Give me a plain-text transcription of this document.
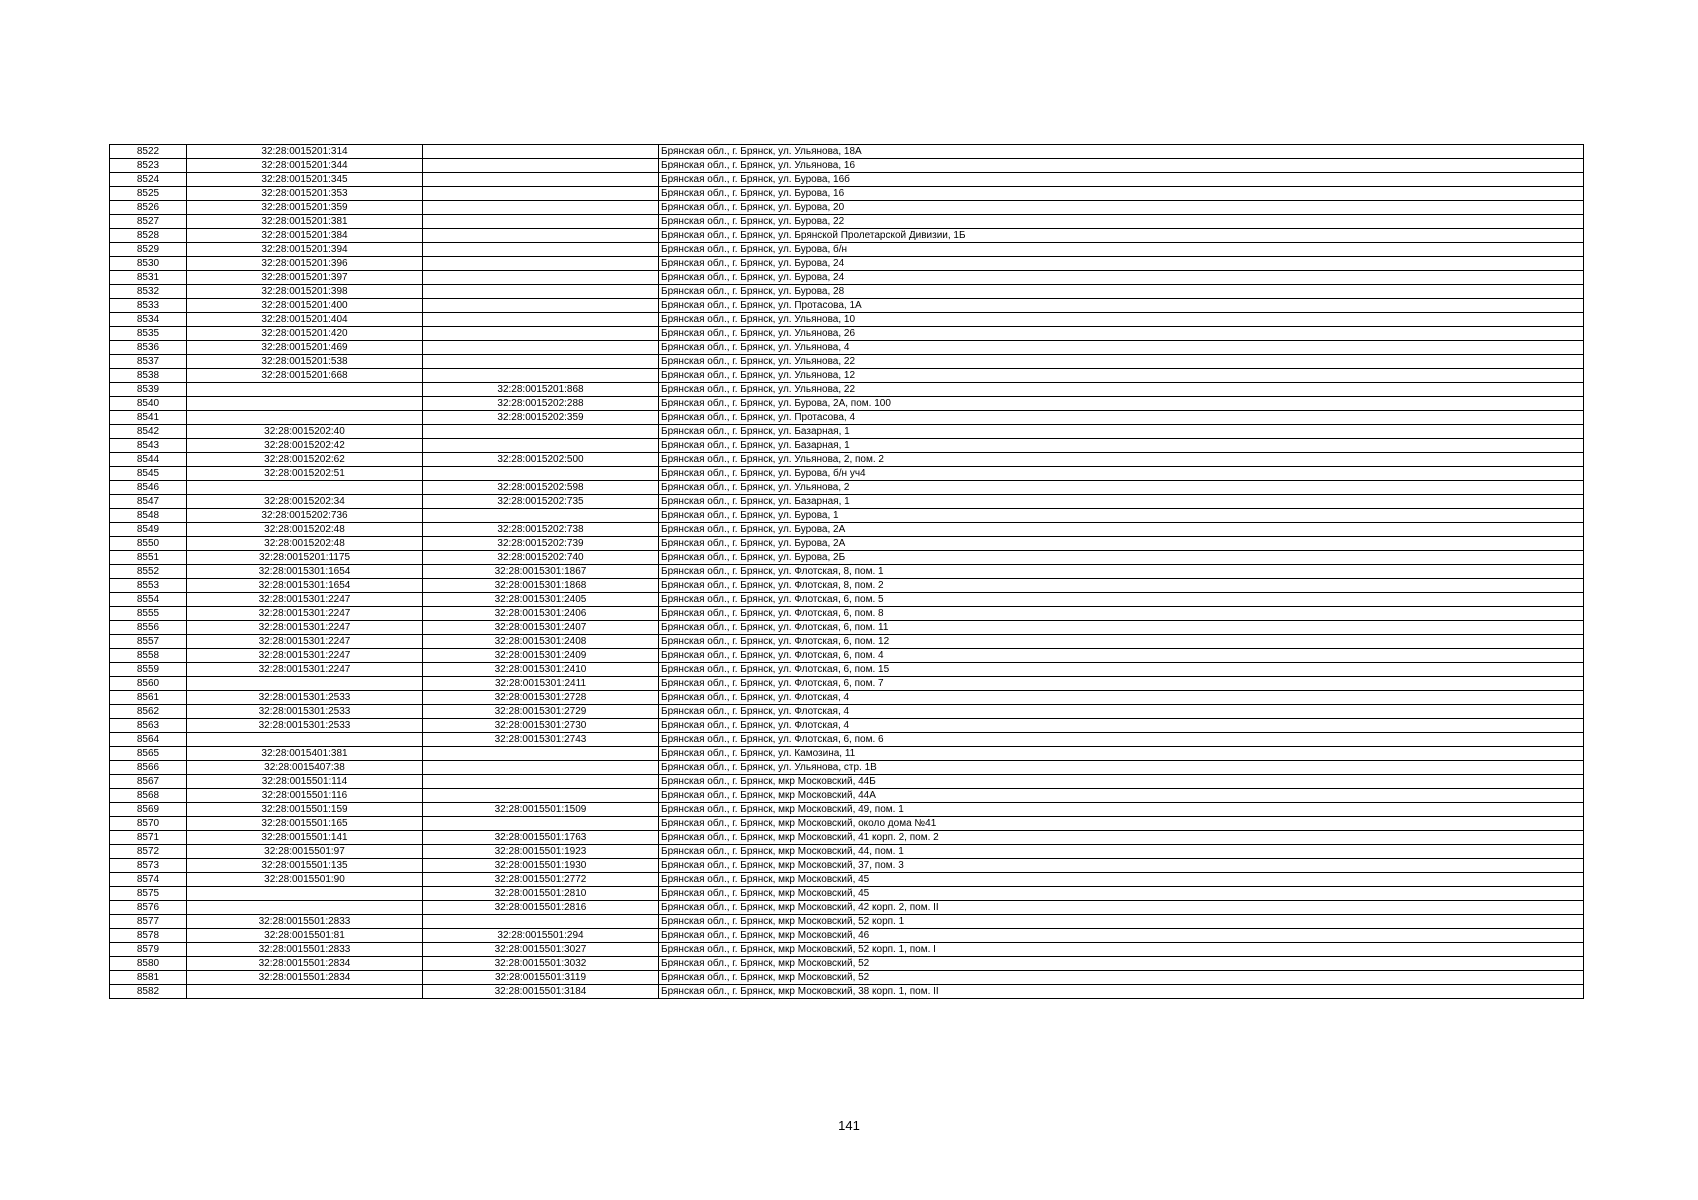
8522	32:28:0015201:314		Брянская обл., г. Брянск, ул. Ульянова, 18А
8523	32:28:0015201:344		Брянская обл., г. Брянск, ул. Ульянова, 16
8524	32:28:0015201:345		Брянская обл., г. Брянск, ул. Бурова, 16б
8525	32:28:0015201:353		Брянская обл., г. Брянск, ул. Бурова, 16
8526	32:28:0015201:359		Брянская обл., г. Брянск, ул. Бурова, 20
8527	32:28:0015201:381		Брянская обл., г. Брянск, ул. Бурова, 22
8528	32:28:0015201:384		Брянская обл., г. Брянск, ул. Брянской Пролетарской Дивизии, 1Б
8529	32:28:0015201:394		Брянская обл., г. Брянск, ул. Бурова, б/н
8530	32:28:0015201:396		Брянская обл., г. Брянск, ул. Бурова, 24
8531	32:28:0015201:397		Брянская обл., г. Брянск, ул. Бурова, 24
8532	32:28:0015201:398		Брянская обл., г. Брянск, ул. Бурова, 28
8533	32:28:0015201:400		Брянская обл., г. Брянск, ул. Протасова, 1А
8534	32:28:0015201:404		Брянская обл., г. Брянск, ул. Ульянова, 10
8535	32:28:0015201:420		Брянская обл., г. Брянск, ул. Ульянова, 26
8536	32:28:0015201:469		Брянская обл., г. Брянск, ул. Ульянова, 4
8537	32:28:0015201:538		Брянская обл., г. Брянск, ул. Ульянова, 22
8538	32:28:0015201:668		Брянская обл., г. Брянск, ул. Ульянова, 12
8539		32:28:0015201:868	Брянская обл., г. Брянск, ул. Ульянова, 22
8540		32:28:0015202:288	Брянская обл., г. Брянск, ул. Бурова, 2А, пом. 100
8541		32:28:0015202:359	Брянская обл., г. Брянск, ул. Протасова, 4
8542	32:28:0015202:40		Брянская обл., г. Брянск, ул. Базарная, 1
8543	32:28:0015202:42		Брянская обл., г. Брянск, ул. Базарная, 1
8544	32:28:0015202:62	32:28:0015202:500	Брянская обл., г. Брянск, ул. Ульянова, 2, пом. 2
8545	32:28:0015202:51		Брянская обл., г. Брянск, ул. Бурова, б/н уч4
8546		32:28:0015202:598	Брянская обл., г. Брянск, ул. Ульянова, 2
8547	32:28:0015202:34	32:28:0015202:735	Брянская обл., г. Брянск, ул. Базарная, 1
8548	32:28:0015202:736		Брянская обл., г. Брянск, ул. Бурова, 1
8549	32:28:0015202:48	32:28:0015202:738	Брянская обл., г. Брянск, ул. Бурова, 2А
8550	32:28:0015202:48	32:28:0015202:739	Брянская обл., г. Брянск, ул. Бурова, 2А
8551	32:28:0015201:1175	32:28:0015202:740	Брянская обл., г. Брянск, ул. Бурова, 2Б
8552	32:28:0015301:1654	32:28:0015301:1867	Брянская обл., г. Брянск, ул. Флотская, 8, пом. 1
8553	32:28:0015301:1654	32:28:0015301:1868	Брянская обл., г. Брянск, ул. Флотская, 8, пом. 2
8554	32:28:0015301:2247	32:28:0015301:2405	Брянская обл., г. Брянск, ул. Флотская, 6, пом. 5
8555	32:28:0015301:2247	32:28:0015301:2406	Брянская обл., г. Брянск, ул. Флотская, 6, пом. 8
8556	32:28:0015301:2247	32:28:0015301:2407	Брянская обл., г. Брянск, ул. Флотская, 6, пом. 11
8557	32:28:0015301:2247	32:28:0015301:2408	Брянская обл., г. Брянск, ул. Флотская, 6, пом. 12
8558	32:28:0015301:2247	32:28:0015301:2409	Брянская обл., г. Брянск, ул. Флотская, 6, пом. 4
8559	32:28:0015301:2247	32:28:0015301:2410	Брянская обл., г. Брянск, ул. Флотская, 6, пом. 15
8560		32:28:0015301:2411	Брянская обл., г. Брянск, ул. Флотская, 6, пом. 7
8561	32:28:0015301:2533	32:28:0015301:2728	Брянская обл., г. Брянск, ул. Флотская, 4
8562	32:28:0015301:2533	32:28:0015301:2729	Брянская обл., г. Брянск, ул. Флотская, 4
8563	32:28:0015301:2533	32:28:0015301:2730	Брянская обл., г. Брянск, ул. Флотская, 4
8564		32:28:0015301:2743	Брянская обл., г. Брянск, ул. Флотская, 6, пом. 6
8565	32:28:0015401:381		Брянская обл., г. Брянск, ул. Камозина, 11
8566	32:28:0015407:38		Брянская обл., г. Брянск, ул. Ульянова, стр. 1В
8567	32:28:0015501:114		Брянская обл., г. Брянск, мкр Московский, 44Б
8568	32:28:0015501:116		Брянская обл., г. Брянск, мкр Московский, 44А
8569	32:28:0015501:159	32:28:0015501:1509	Брянская обл., г. Брянск, мкр Московский, 49, пом. 1
8570	32:28:0015501:165		Брянская обл., г. Брянск, мкр Московский, около дома №41
8571	32:28:0015501:141	32:28:0015501:1763	Брянская обл., г. Брянск, мкр Московский, 41 корп. 2, пом. 2
8572	32:28:0015501:97	32:28:0015501:1923	Брянская обл., г. Брянск, мкр Московский, 44, пом. 1
8573	32:28:0015501:135	32:28:0015501:1930	Брянская обл., г. Брянск, мкр Московский, 37, пом. 3
8574	32:28:0015501:90	32:28:0015501:2772	Брянская обл., г. Брянск, мкр Московский, 45
8575		32:28:0015501:2810	Брянская обл., г. Брянск, мкр Московский, 45
8576		32:28:0015501:2816	Брянская обл., г. Брянск, мкр Московский, 42 корп. 2, пом. II
8577	32:28:0015501:2833		Брянская обл., г. Брянск, мкр Московский, 52 корп. 1
8578	32:28:0015501:81	32:28:0015501:294	Брянская обл., г. Брянск, мкр Московский, 46
8579	32:28:0015501:2833	32:28:0015501:3027	Брянская обл., г. Брянск, мкр Московский, 52 корп. 1, пом. I
8580	32:28:0015501:2834	32:28:0015501:3032	Брянская обл., г. Брянск, мкр Московский, 52
8581	32:28:0015501:2834	32:28:0015501:3119	Брянская обл., г. Брянск, мкр Московский, 52
8582		32:28:0015501:3184	Брянская обл., г. Брянск, мкр Московский, 38 корп. 1, пом. II
141
